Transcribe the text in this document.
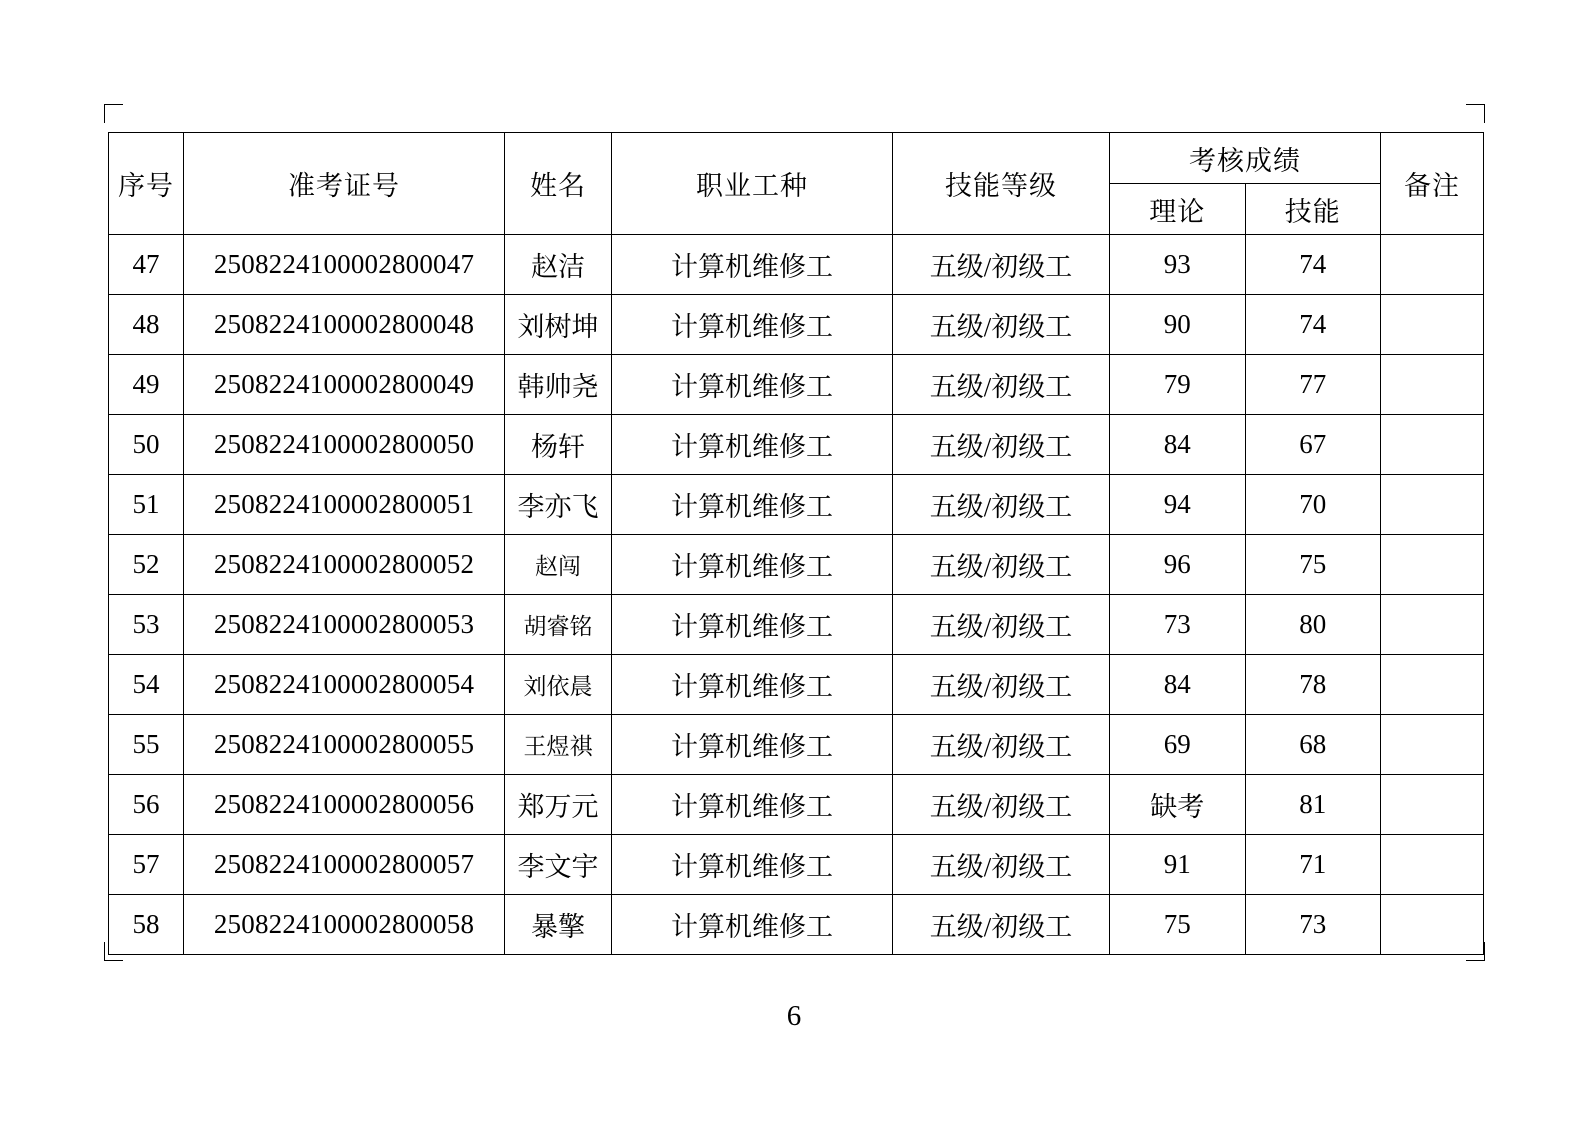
序号	准考证号	姓名	职业工种	技能等级	考核成绩		备注
					理论	技能	
47	2508224100002800047	赵洁	计算机维修工	五级/初级工	93	74	
48	2508224100002800048	刘树坤	计算机维修工	五级/初级工	90	74	
49	2508224100002800049	韩帅尧	计算机维修工	五级/初级工	79	77	
50	2508224100002800050	杨轩	计算机维修工	五级/初级工	84	67	
51	2508224100002800051	李亦飞	计算机维修工	五级/初级工	94	70	
52	2508224100002800052	赵闯	计算机维修工	五级/初级工	96	75	
53	2508224100002800053	胡睿铭	计算机维修工	五级/初级工	73	80	
54	2508224100002800054	刘依晨	计算机维修工	五级/初级工	84	78	
55	2508224100002800055	王煜祺	计算机维修工	五级/初级工	69	68	
56	2508224100002800056	郑万元	计算机维修工	五级/初级工	缺考	81	
57	2508224100002800057	李文宇	计算机维修工	五级/初级工	91	71	
58	2508224100002800058	暴擎	计算机维修工	五级/初级工	75	73	
6
